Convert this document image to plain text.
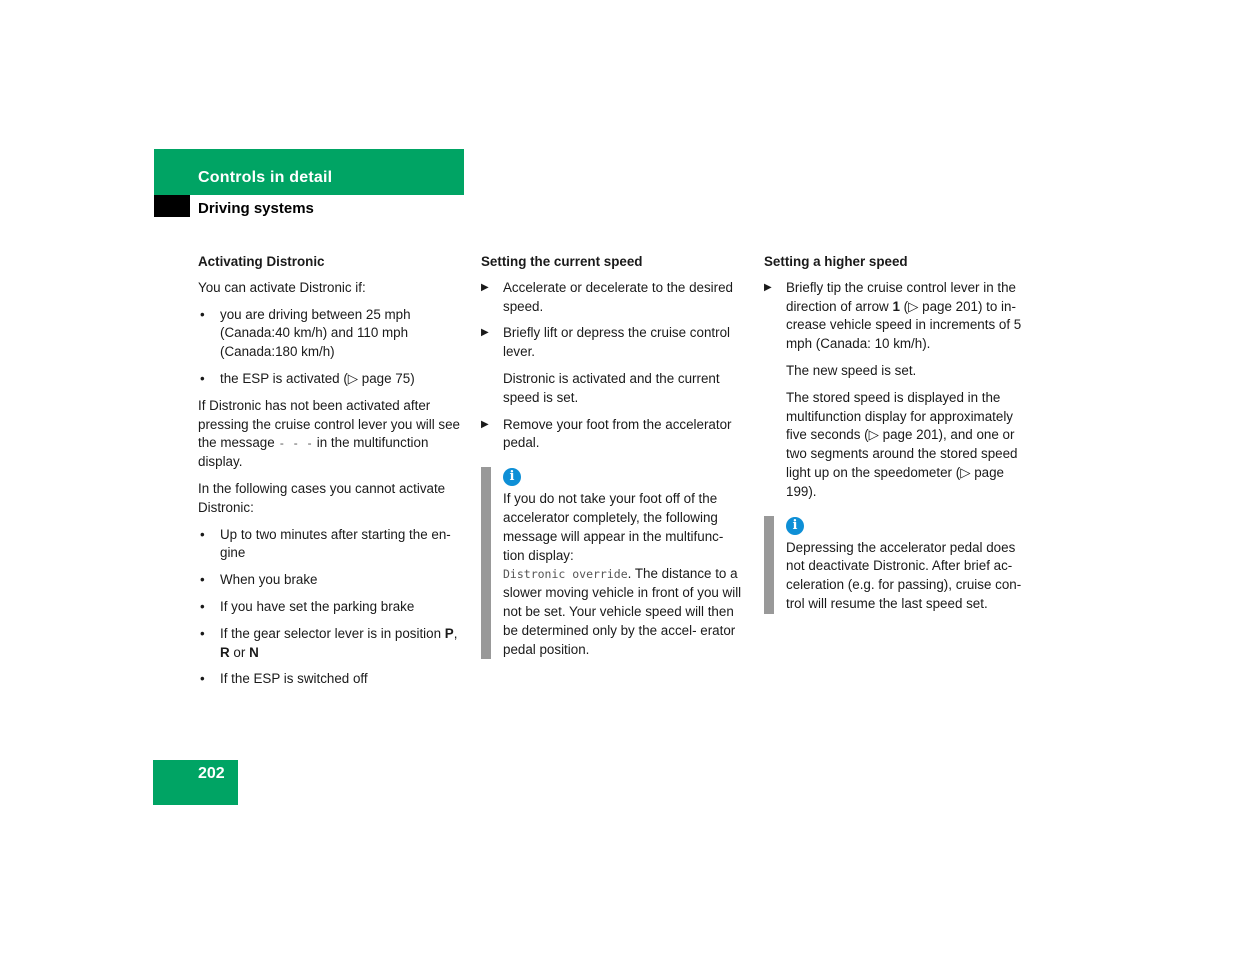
Controls in detail
Driving systems
Activating Distronic
You can activate Distronic if:
• you are driving between 25 mph (Canada:40 km/h) and 110 mph (Canada:180 km/h)
• the ESP is activated (▷ page 75)
If Distronic has not been activated after pressing the cruise control lever you will see the message - - - in the multifunction display.
In the following cases you cannot activate Distronic:
• Up to two minutes after starting the en- gine
• When you brake
• If you have set the parking brake
• If the gear selector lever is in position P, R or N
• If the ESP is switched off
Setting the current speed
▶ Accelerate or decelerate to the desired speed.
▶ Briefly lift or depress the cruise control lever.
Distronic is activated and the current speed is set.
▶ Remove your foot from the accelerator pedal.
i
If you do not take your foot off of the accelerator completely, the following message will appear in the multifunc- tion display:
Distronic override. The distance to a slower moving vehicle in front of you will not be set. Your vehicle speed will then be determined only by the accel- erator pedal position.
Setting a higher speed
▶ Briefly tip the cruise control lever in the direction of arrow 1 (▷ page 201) to in- crease vehicle speed in increments of 5 mph (Canada: 10 km/h).
The new speed is set.
The stored speed is displayed in the multifunction display for approximately five seconds (▷ page 201), and one or two segments around the stored speed light up on the speedometer (▷ page 199).
i
Depressing the accelerator pedal does not deactivate Distronic. After brief ac- celeration (e.g. for passing), cruise con- trol will resume the last speed set.
202
